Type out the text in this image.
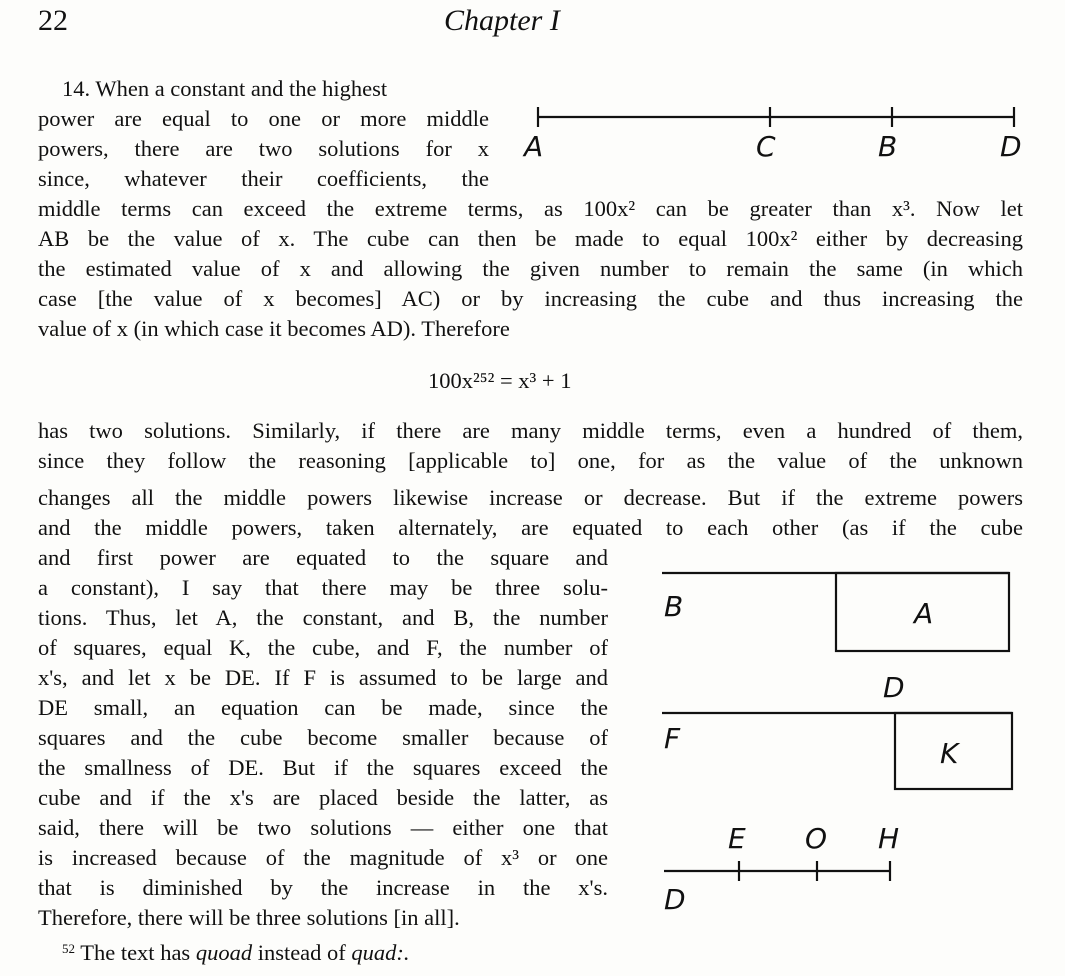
22	Chapter I
14. When a constant and the highest
power are equal to one or more middle
powers, there are two solutions for x
since, whatever their coefficients, the
middle terms can exceed the extreme terms, as 100x² can be greater than x³. Now let
AB be the value of x. The cube can then be made to equal 100x² either by decreasing
the estimated value of x and allowing the given number to remain the same (in which
case [the value of x becomes] AC) or by increasing the cube and thus increasing the
value of x (in which case it becomes AD). Therefore
100x²⁵² = x³ + 1
has two solutions. Similarly, if there are many middle terms, even a hundred of them,
since they follow the reasoning [applicable to] one, for as the value of the unknown
changes all the middle powers likewise increase or decrease. But if the extreme powers
and the middle powers, taken alternately, are equated to each other (as if the cube
and first power are equated to the square and
a constant), I say that there may be three solu-
tions. Thus, let A, the constant, and B, the number
of squares, equal K, the cube, and F, the number of
x's, and let x be DE. If F is assumed to be large and
DE small, an equation can be made, since the
squares and the cube become smaller because of
the smallness of DE. But if the squares exceed the
cube and if the x's are placed beside the latter, as
said, there will be two solutions — either one that
is increased because of the magnitude of x³ or one
that is diminished by the increase in the x's.
Therefore, there will be three solutions [in all].
$^{52}$ The text has quoad instead of quad:.
A	C	B	D
B	A
D
F	K
E O H
D
